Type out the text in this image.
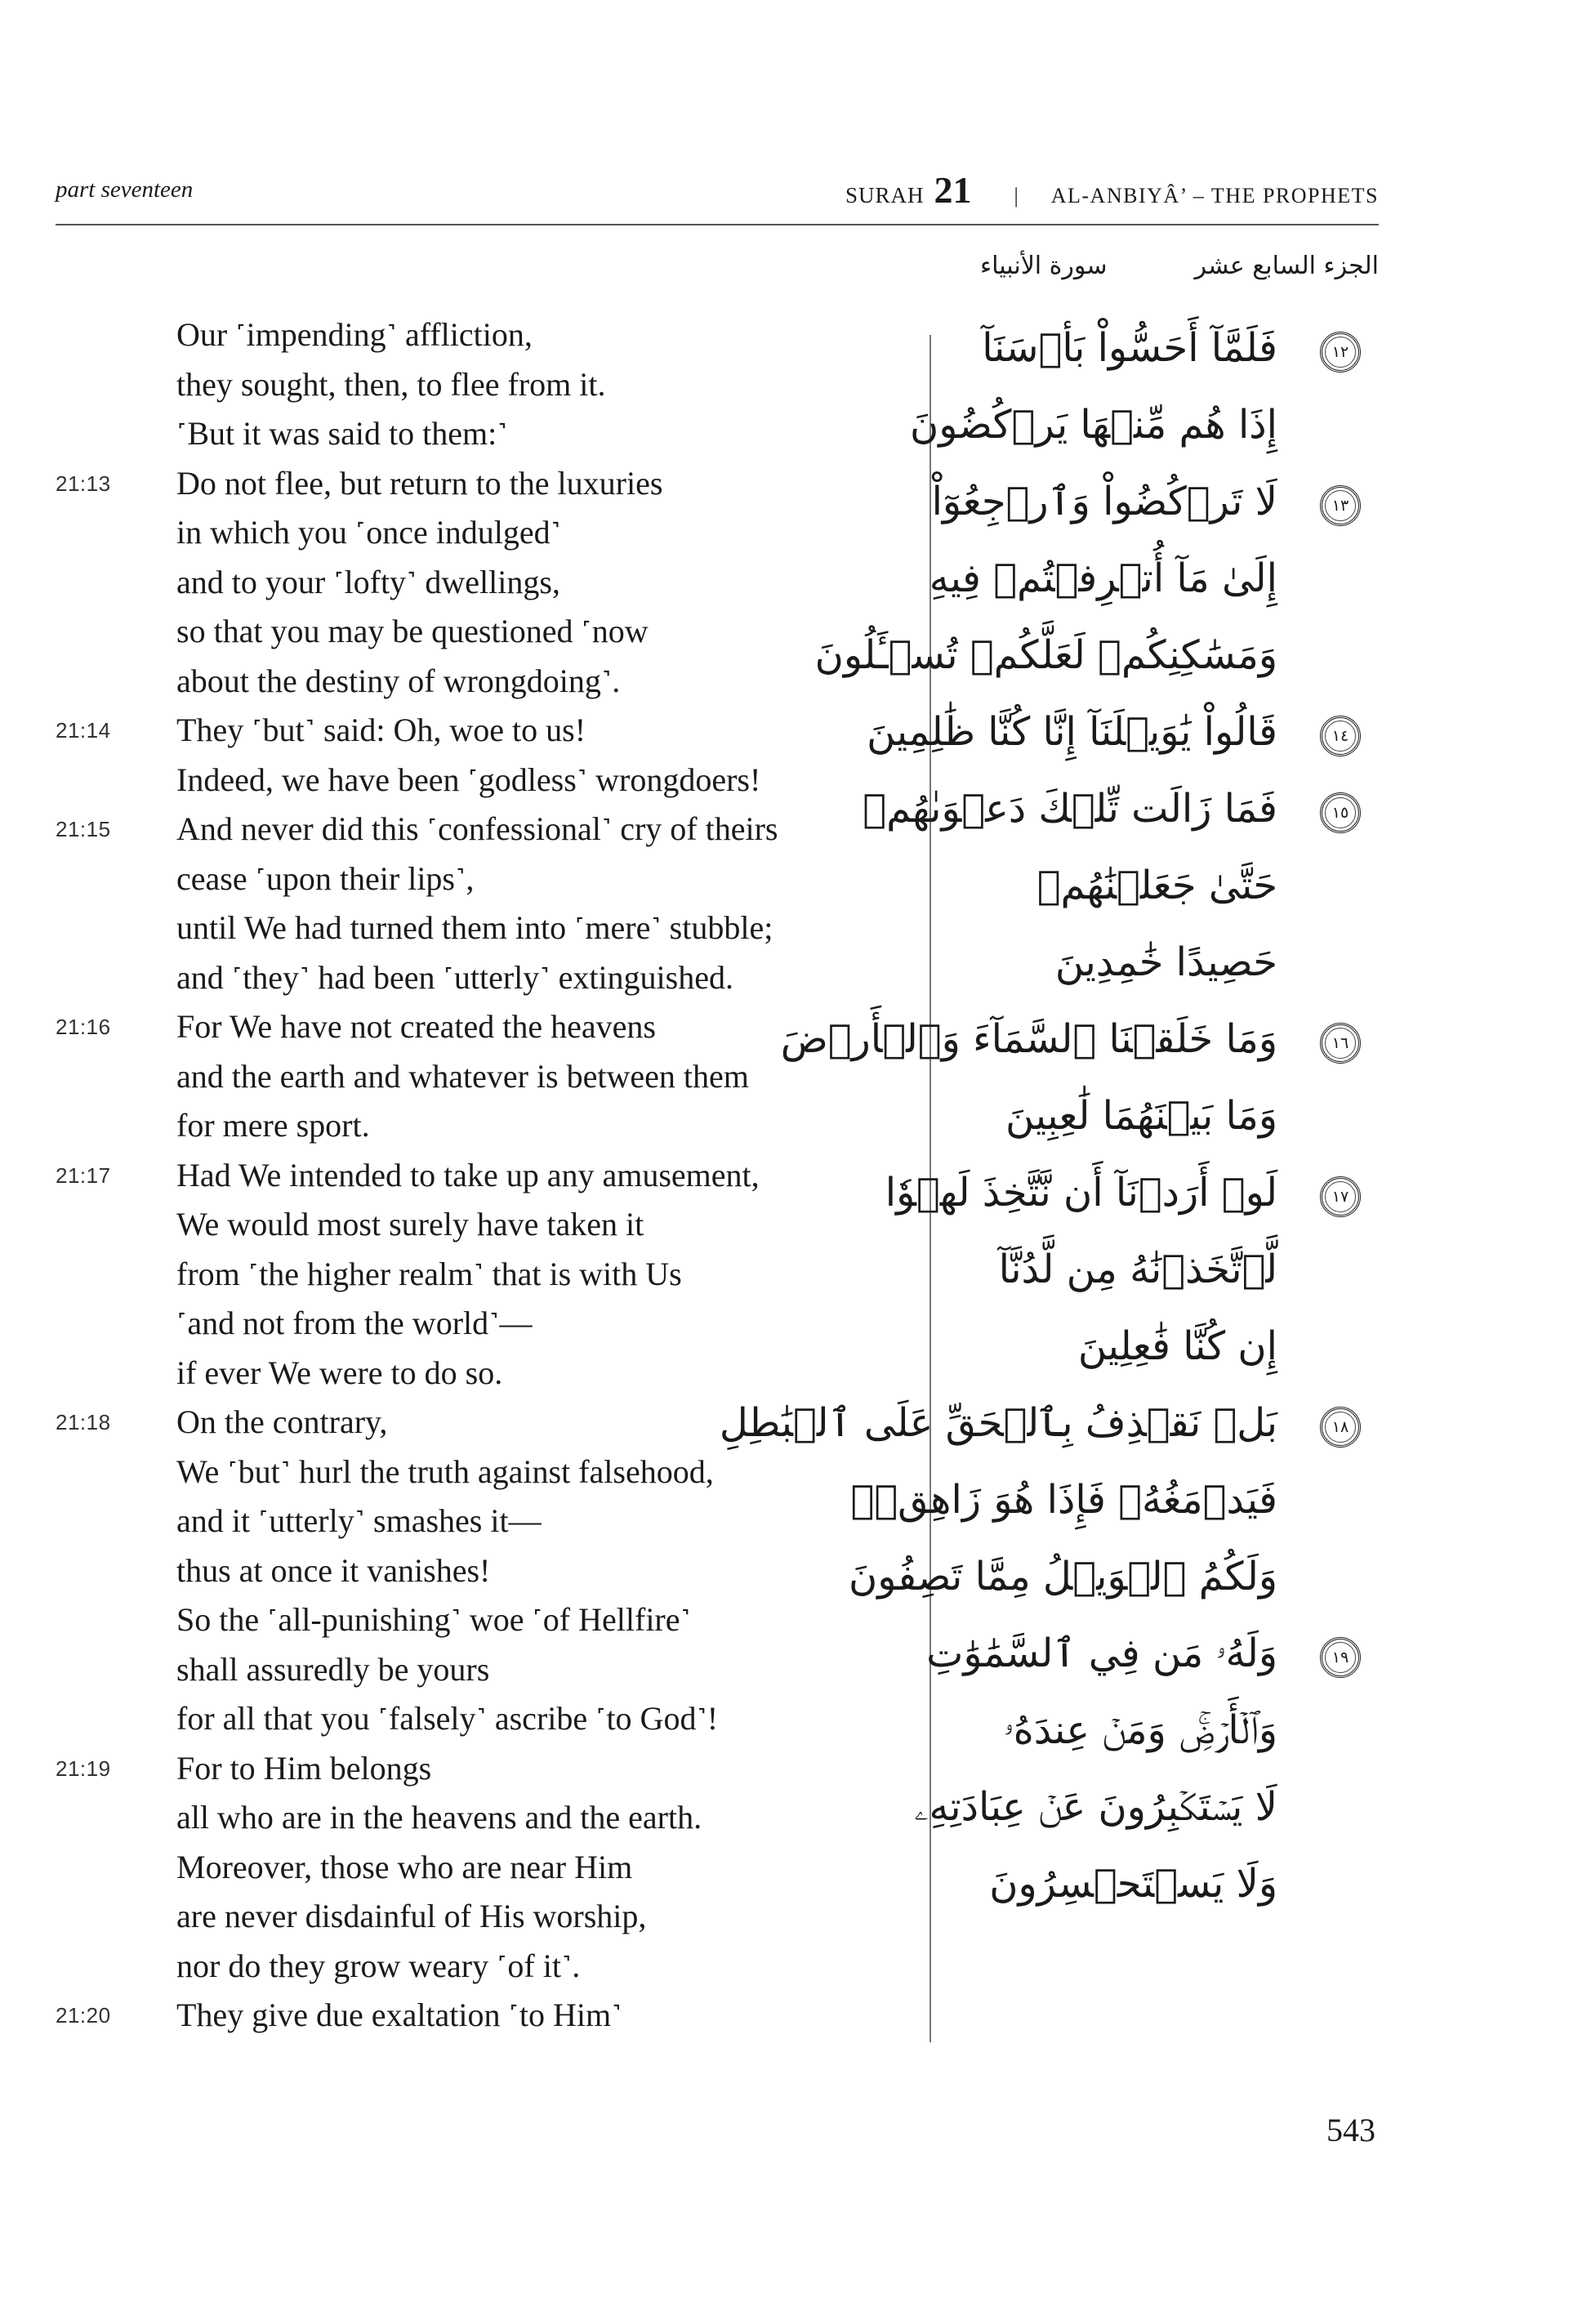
part seventeen	SURAH 21 | AL-ANBIYÂ’ – THE PROPHETS
سورة الأنبياء	الجزء السابع عشر
Our ˹impending˺ affliction,
they sought, then, to flee from it.
˹But it was said to them:˺
21:13 Do not flee, but return to the luxuries
in which you ˹once indulged˺
and to your ˹lofty˺ dwellings,
so that you may be questioned ˹now
about the destiny of wrongdoing˺.
21:14 They ˹but˺ said: Oh, woe to us!
Indeed, we have been ˹godless˺ wrongdoers!
21:15 And never did this ˹confessional˺ cry of theirs
cease ˹upon their lips˺,
until We had turned them into ˹mere˺ stubble;
and ˹they˺ had been ˹utterly˺ extinguished.
21:16 For We have not created the heavens
and the earth and whatever is between them
for mere sport.
21:17 Had We intended to take up any amusement,
We would most surely have taken it
from ˹the higher realm˺ that is with Us
˹and not from the world˺—
if ever We were to do so.
21:18 On the contrary,
We ˹but˺ hurl the truth against falsehood,
and it ˹utterly˺ smashes it—
thus at once it vanishes!
So the ˹all-punishing˺ woe ˹of Hellfire˺
shall assuredly be yours
for all that you ˹falsely˺ ascribe ˹to God˺!
21:19 For to Him belongs
all who are in the heavens and the earth.
Moreover, those who are near Him
are never disdainful of His worship,
nor do they grow weary ˹of it˺.
21:20 They give due exaltation ˹to Him˺
١٢
فَلَمَّآ أَحَسُّواْ بَأۡسَنَآ
إِذَا هُم مِّنۡهَا يَرۡكُضُونَ
١٣
لَا تَرۡكُضُواْ وَٱرۡجِعُوٓاْ
إِلَىٰ مَآ أُتۡرِفۡتُمۡ فِيهِ
وَمَسَٰكِنِكُمۡ لَعَلَّكُمۡ تُسۡـَٔلُونَ
١٤
قَالُواْ يَٰوَيۡلَنَآ إِنَّا كُنَّا ظَٰلِمِينَ
١٥
فَمَا زَالَت تِّلۡكَ دَعۡوَىٰهُمۡ
حَتَّىٰ جَعَلۡنَٰهُمۡ
حَصِيدًا خَٰمِدِينَ
١٦
وَمَا خَلَقۡنَا ٱلسَّمَآءَ وَٱلۡأَرۡضَ
وَمَا بَيۡنَهُمَا لَٰعِبِينَ
١٧
لَوۡ أَرَدۡنَآ أَن نَّتَّخِذَ لَهۡوٗا
لَّٱتَّخَذۡنَٰهُ مِن لَّدُنَّآ
إِن كُنَّا فَٰعِلِينَ
١٨
بَلۡ نَقۡذِفُ بِٱلۡحَقِّ عَلَى ٱلۡبَٰطِلِ
فَيَدۡمَغُهُۥ فَإِذَا هُوَ زَاهِقٞۚ
وَلَكُمُ ٱلۡوَيۡلُ مِمَّا تَصِفُونَ
١٩
وَلَهُۥ مَن فِي ٱلسَّمَٰوَٰتِ
وَٱلۡأَرۡضِۚ وَمَنۡ عِندَهُۥ
لَا يَسۡتَكۡبِرُونَ عَنۡ عِبَادَتِهِۦ
وَلَا يَسۡتَحۡسِرُونَ
543
